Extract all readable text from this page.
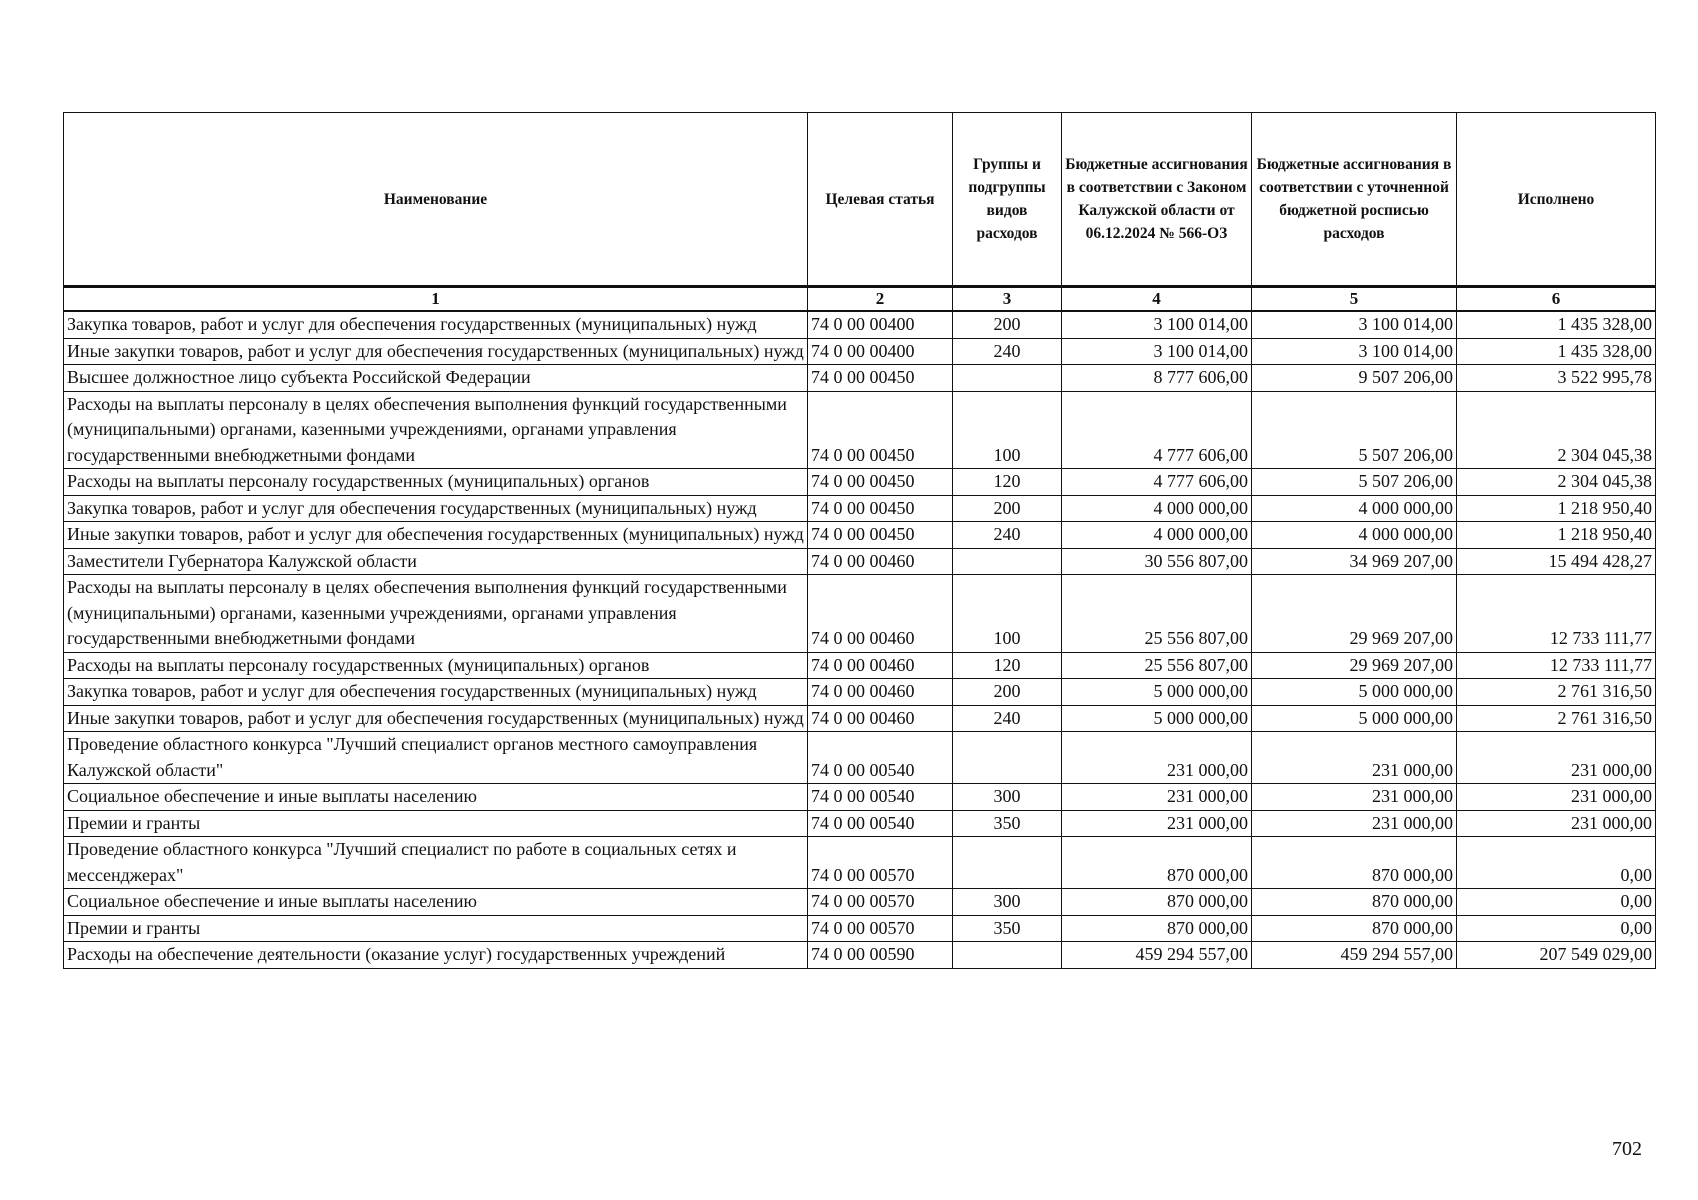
Наименование	Целевая статья	Группы и подгруппы видов расходов	Бюджетные ассигнования в соответствии с Законом Калужской области от 06.12.2024 № 566-ОЗ	Бюджетные ассигнования в соответствии с уточненной бюджетной росписью расходов	Исполнено
1	2	3	4	5	6
Закупка товаров, работ и услуг для обеспечения государственных (муниципальных) нужд	74 0 00 00400	200	3 100 014,00	3 100 014,00	1 435 328,00
Иные закупки товаров, работ и услуг для обеспечения государственных (муниципальных) нужд	74 0 00 00400	240	3 100 014,00	3 100 014,00	1 435 328,00
Высшее должностное лицо субъекта Российской Федерации	74 0 00 00450		8 777 606,00	9 507 206,00	3 522 995,78
Расходы на выплаты персоналу в целях обеспечения выполнения функций государственными (муниципальными) органами, казенными учреждениями, органами управления государственными внебюджетными фондами	74 0 00 00450	100	4 777 606,00	5 507 206,00	2 304 045,38
Расходы на выплаты персоналу государственных (муниципальных) органов	74 0 00 00450	120	4 777 606,00	5 507 206,00	2 304 045,38
Закупка товаров, работ и услуг для обеспечения государственных (муниципальных) нужд	74 0 00 00450	200	4 000 000,00	4 000 000,00	1 218 950,40
Иные закупки товаров, работ и услуг для обеспечения государственных (муниципальных) нужд	74 0 00 00450	240	4 000 000,00	4 000 000,00	1 218 950,40
Заместители Губернатора Калужской области	74 0 00 00460		30 556 807,00	34 969 207,00	15 494 428,27
Расходы на выплаты персоналу в целях обеспечения выполнения функций государственными (муниципальными) органами, казенными учреждениями, органами управления государственными внебюджетными фондами	74 0 00 00460	100	25 556 807,00	29 969 207,00	12 733 111,77
Расходы на выплаты персоналу государственных (муниципальных) органов	74 0 00 00460	120	25 556 807,00	29 969 207,00	12 733 111,77
Закупка товаров, работ и услуг для обеспечения государственных (муниципальных) нужд	74 0 00 00460	200	5 000 000,00	5 000 000,00	2 761 316,50
Иные закупки товаров, работ и услуг для обеспечения государственных (муниципальных) нужд	74 0 00 00460	240	5 000 000,00	5 000 000,00	2 761 316,50
Проведение областного конкурса "Лучший специалист органов местного самоуправления Калужской области"	74 0 00 00540		231 000,00	231 000,00	231 000,00
Социальное обеспечение и иные выплаты населению	74 0 00 00540	300	231 000,00	231 000,00	231 000,00
Премии и гранты	74 0 00 00540	350	231 000,00	231 000,00	231 000,00
Проведение областного конкурса "Лучший специалист по работе в социальных сетях и мессенджерах"	74 0 00 00570		870 000,00	870 000,00	0,00
Социальное обеспечение и иные выплаты населению	74 0 00 00570	300	870 000,00	870 000,00	0,00
Премии и гранты	74 0 00 00570	350	870 000,00	870 000,00	0,00
Расходы на обеспечение деятельности (оказание услуг) государственных учреждений	74 0 00 00590		459 294 557,00	459 294 557,00	207 549 029,00
702
